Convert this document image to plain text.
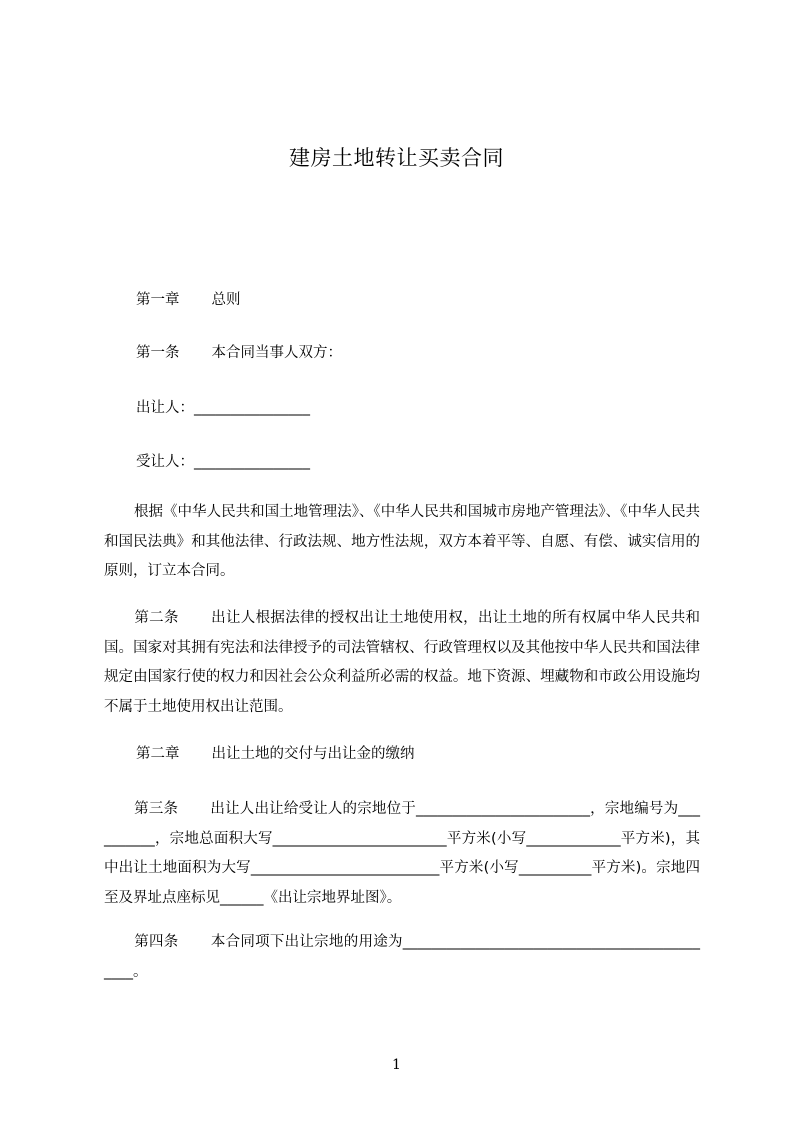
建房土地转让买卖合同
第一章 总则
第一条 本合同当事人双方：
出让人：________________
受让人：________________
根据《中华人民共和国土地管理法》、《中华人民共和国城市房地产管理法》、《中华人民共和国民法典》和其他法律、行政法规、地方性法规，双方本着平等、自愿、有偿、诚实信用的原则，订立本合同。
第二条 出让人根据法律的授权出让土地使用权，出让土地的所有权属中华人民共和国。国家对其拥有宪法和法律授予的司法管辖权、行政管理权以及其他按中华人民共和国法律规定由国家行使的权力和因社会公众利益所必需的权益。地下资源、埋藏物和市政公用设施均不属于土地使用权出让范围。
第二章 出让土地的交付与出让金的缴纳
第三条 出让人出让给受让人的宗地位于________________________，宗地编号为__________，宗地总面积大写________________________平方米(小写_____________平方米)，其中出让土地面积为大写__________________________平方米(小写__________平方米)。宗地四至及界址点座标见______《出让宗地界址图》。
第四条 本合同项下出让宗地的用途为_____________________________________________。
1
